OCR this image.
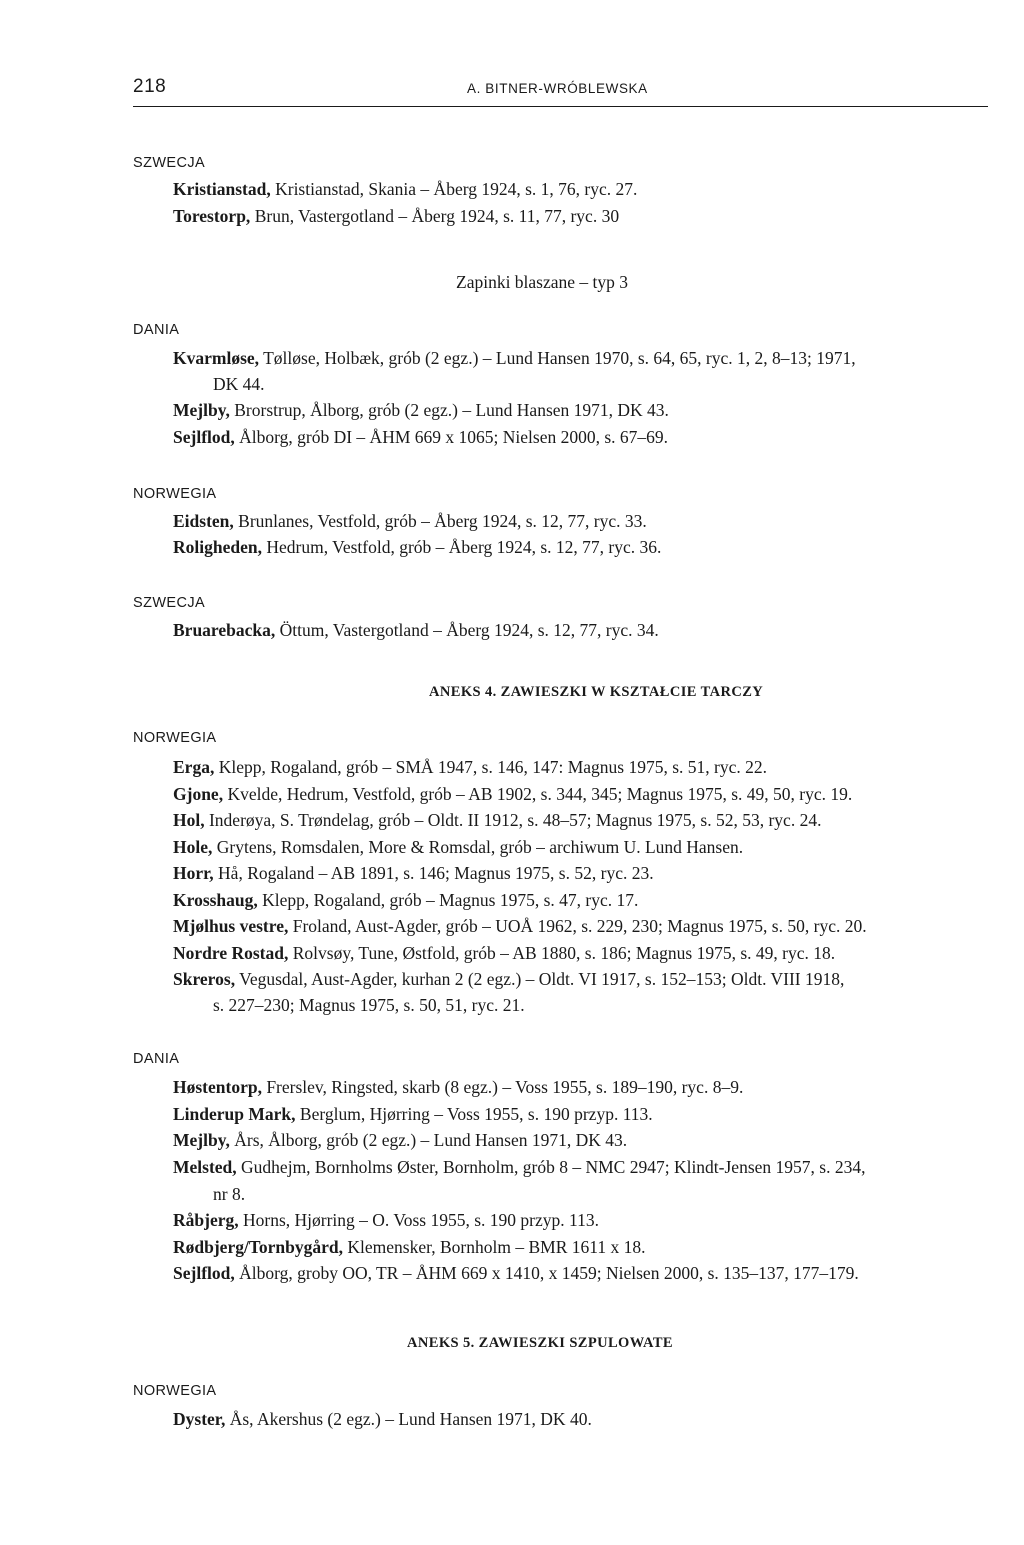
218	A. BITNER-WRÓBLEWSKA
SZWECJA
Kristianstad, Kristianstad, Skania – Åberg 1924, s. 1, 76, ryc. 27.
Torestorp, Brun, Vastergotland – Åberg 1924, s. 11, 77, ryc. 30
Zapinki blaszane – typ 3
DANIA
Kvarmløse, Tølløse, Holbæk, grób (2 egz.) – Lund Hansen 1970, s. 64, 65, ryc. 1, 2, 8–13; 1971,
DK 44.
Mejlby, Brorstrup, Ålborg, grób (2 egz.) – Lund Hansen 1971, DK 43.
Sejlflod, Ålborg, grób DI – ÅHM 669 x 1065; Nielsen 2000, s. 67–69.
NORWEGIA
Eidsten, Brunlanes, Vestfold, grób – Åberg 1924, s. 12, 77, ryc. 33.
Roligheden, Hedrum, Vestfold, grób – Åberg 1924, s. 12, 77, ryc. 36.
SZWECJA
Bruarebacka, Öttum, Vastergotland – Åberg 1924, s. 12, 77, ryc. 34.
ANEKS 4. ZAWIESZKI W KSZTAŁCIE TARCZY
NORWEGIA
Erga, Klepp, Rogaland, grób – SMÅ 1947, s. 146, 147: Magnus 1975, s. 51, ryc. 22.
Gjone, Kvelde, Hedrum, Vestfold, grób – AB 1902, s. 344, 345; Magnus 1975, s. 49, 50, ryc. 19.
Hol, Inderøya, S. Trøndelag, grób – Oldt. II 1912, s. 48–57; Magnus 1975, s. 52, 53, ryc. 24.
Hole, Grytens, Romsdalen, More & Romsdal, grób – archiwum U. Lund Hansen.
Horr, Hå, Rogaland – AB 1891, s. 146; Magnus 1975, s. 52, ryc. 23.
Krosshaug, Klepp, Rogaland, grób – Magnus 1975, s. 47, ryc. 17.
Mjølhus vestre, Froland, Aust-Agder, grób – UOÅ 1962, s. 229, 230; Magnus 1975, s. 50, ryc. 20.
Nordre Rostad, Rolvsøy, Tune, Østfold, grób – AB 1880, s. 186; Magnus 1975, s. 49, ryc. 18.
Skreros, Vegusdal, Aust-Agder, kurhan 2 (2 egz.) – Oldt. VI 1917, s. 152–153; Oldt. VIII 1918,
s. 227–230; Magnus 1975, s. 50, 51, ryc. 21.
DANIA
Høstentorp, Frerslev, Ringsted, skarb (8 egz.) – Voss 1955, s. 189–190, ryc. 8–9.
Linderup Mark, Berglum, Hjørring – Voss 1955, s. 190 przyp. 113.
Mejlby, Års, Ålborg, grób (2 egz.) – Lund Hansen 1971, DK 43.
Melsted, Gudhejm, Bornholms Øster, Bornholm, grób 8 – NMC 2947; Klindt-Jensen 1957, s. 234,
nr 8.
Råbjerg, Horns, Hjørring – O. Voss 1955, s. 190 przyp. 113.
Rødbjerg/Tornbygård, Klemensker, Bornholm – BMR 1611 x 18.
Sejlflod, Ålborg, groby OO, TR – ÅHM 669 x 1410, x 1459; Nielsen 2000, s. 135–137, 177–179.
ANEKS 5. ZAWIESZKI SZPULOWATE
NORWEGIA
Dyster, Ås, Akershus (2 egz.) – Lund Hansen 1971, DK 40.
